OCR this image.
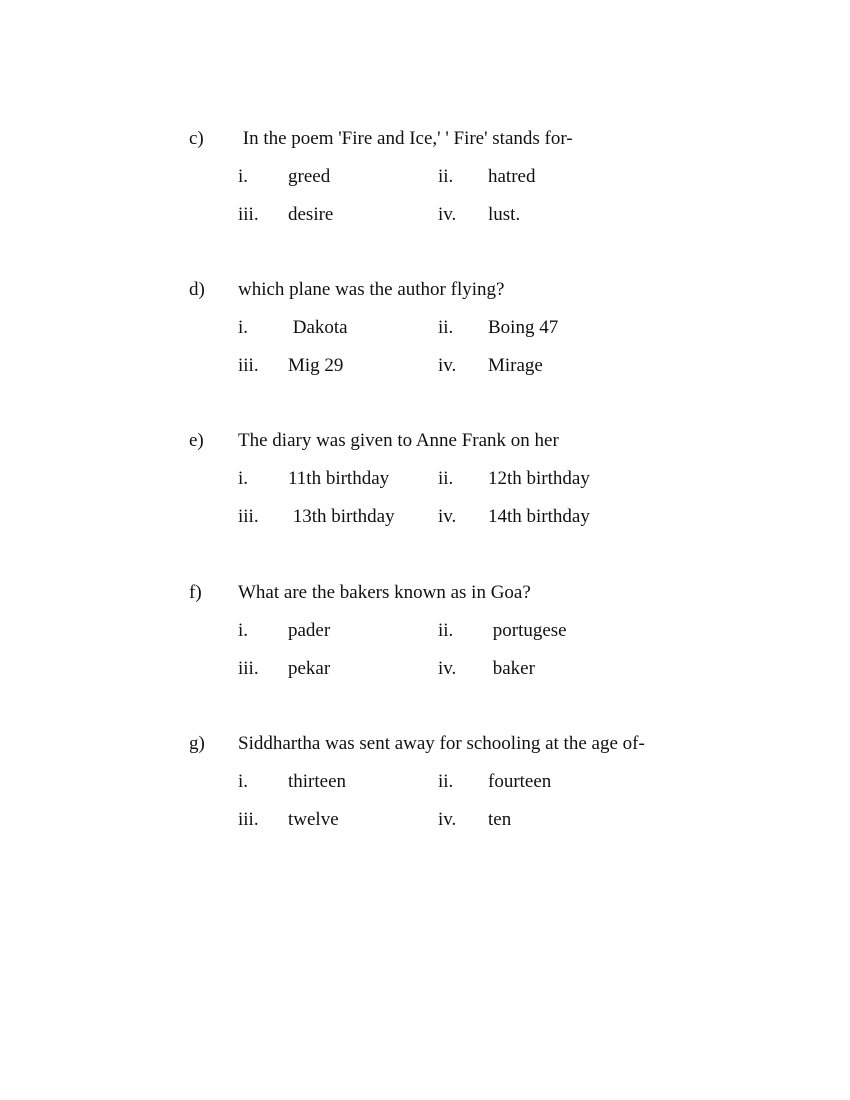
c) In the poem 'Fire and Ice,' ' Fire' stands for-
i. greed	ii. hatred
iii. desire	iv. lust.
d) which plane was the author flying?
i. Dakota	ii. Boing 47
iii. Mig 29	iv. Mirage
e) The diary was given to Anne Frank on her
i. 11th birthday	ii. 12th birthday
iii. 13th birthday iv. 14th birthday
f) What are the bakers known as in Goa?
i. pader	ii. portugese
iii. pekar	iv. baker
g) Siddhartha was sent away for schooling at the age of-
i. thirteen	ii. fourteen
iii. twelve	iv. ten
